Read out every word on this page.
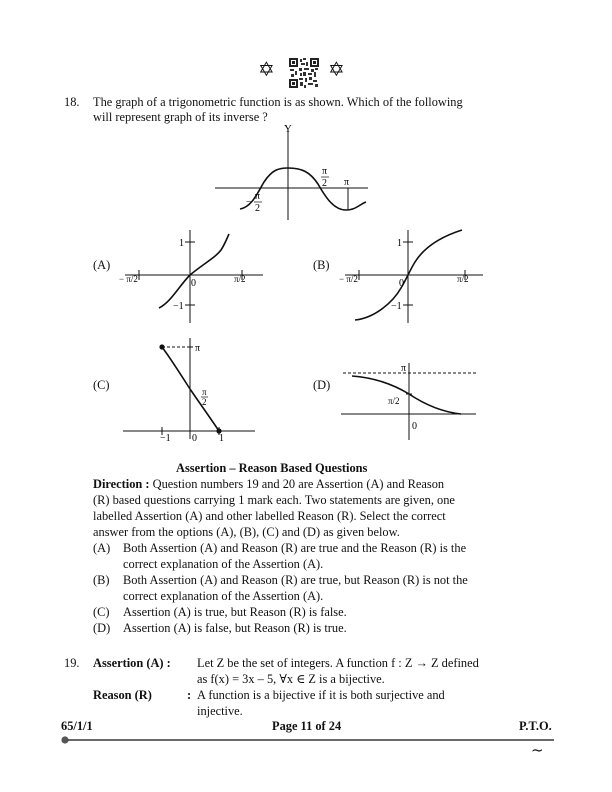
✡	✡
18. The graph of a trigonometric function is as shown. Which of the following
will represent graph of its inverse ?
Y
π
π
2
−
π
2
(A)
1
−1
0
− π/2	π/2
(B)
1
−1
0
− π/2	π/2
(C)
π
π
2
−1 0 1
(D)
π
π/2
0
Assertion – Reason Based Questions
Direction : Question numbers 19 and 20 are Assertion (A) and Reason
(R) based questions carrying 1 mark each. Two statements are given, one
labelled Assertion (A) and other labelled Reason (R). Select the correct
answer from the options (A), (B), (C) and (D) as given below.
(A) Both Assertion (A) and Reason (R) are true and the Reason (R) is the
correct explanation of the Assertion (A).
(B) Both Assertion (A) and Reason (R) are true, but Reason (R) is not the
correct explanation of the Assertion (A).
(C) Assertion (A) is true, but Reason (R) is false.
(D) Assertion (A) is false, but Reason (R) is true.
19. Assertion (A) : Let Z be the set of integers. A function f : Z → Z defined
as f(x) = 3x – 5, ∀x ∈ Z is a bijective.
Reason (R)	: A function is a bijective if it is both surjective and
injective.
65/1/1	Page 11 of 24	P.T.O.
~
